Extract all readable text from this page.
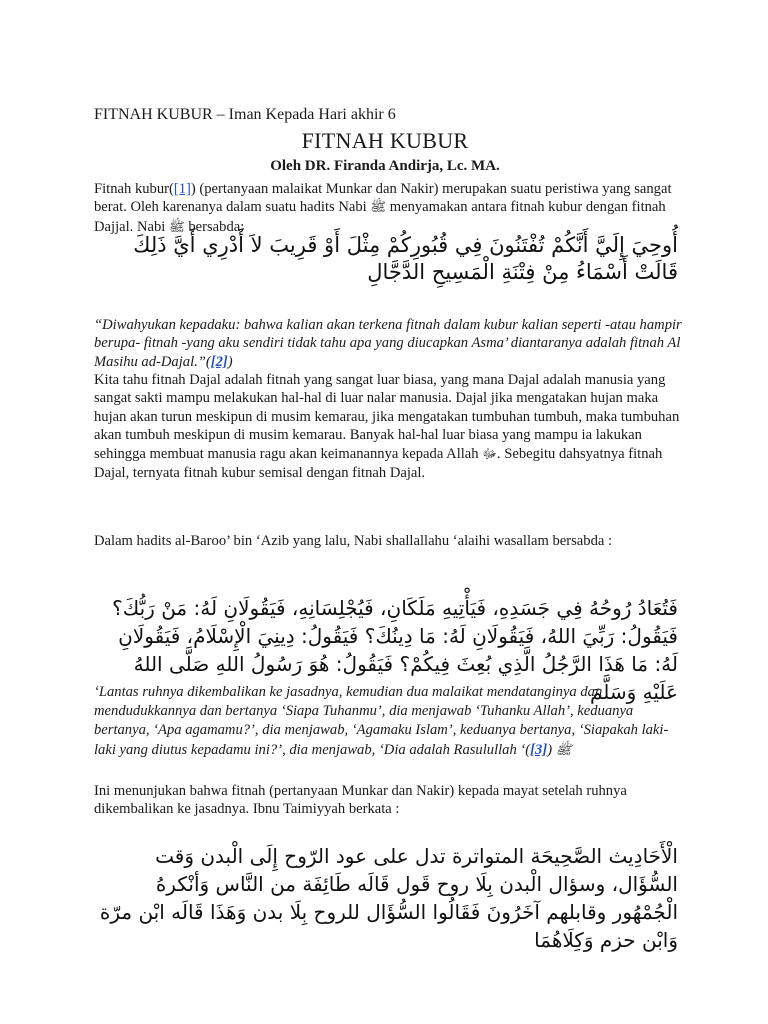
FITNAH KUBUR – Iman Kepada Hari akhir 6
FITNAH KUBUR
Oleh DR. Firanda Andirja, Lc. MA.
Fitnah kubur([1]) (pertanyaan malaikat Munkar dan Nakir) merupakan suatu peristiwa yang sangat berat. Oleh karenanya dalam suatu hadits Nabi ﷺ menyamakan antara fitnah kubur dengan fitnah Dajjal. Nabi ﷺ bersabda:
أُوحِيَ إِلَيَّ أَنَّكُمْ تُفْتَنُونَ فِي قُبُورِكُمْ مِثْلَ أَوْ قَرِيبَ لاَ أَدْرِي أَيَّ ذَلِكَ قَالَتْ أَسْمَاءُ مِنْ فِتْنَةِ الْمَسِيحِ الدَّجَّالِ
“Diwahyukan kepadaku: bahwa kalian akan terkena fitnah dalam kubur kalian seperti -atau hampir berupa- fitnah -yang aku sendiri tidak tahu apa yang diucapkan Asma’ diantaranya adalah fitnah Al Masihu ad-Dajal.”([2])
Kita tahu fitnah Dajal adalah fitnah yang sangat luar biasa, yang mana Dajal adalah manusia yang sangat sakti mampu melakukan hal-hal di luar nalar manusia. Dajal jika mengatakan hujan maka hujan akan turun meskipun di musim kemarau, jika mengatakan tumbuhan tumbuh, maka tumbuhan akan tumbuh meskipun di musim kemarau. Banyak hal-hal luar biasa yang mampu ia lakukan sehingga membuat manusia ragu akan keimanannya kepada Allah ﷻ. Sebegitu dahsyatnya fitnah Dajal, ternyata fitnah kubur semisal dengan fitnah Dajal.
Dalam hadits al-Baroo’ bin ‘Azib yang lalu, Nabi shallallahu ‘alaihi wasallam bersabda :
فَتُعَادُ رُوحُهُ فِي جَسَدِهِ، فَيَأْتِيهِ مَلَكَانِ، فَيُجْلِسَانِهِ، فَيَقُولَانِ لَهُ: مَنْ رَبُّكَ؟ فَيَقُولُ: رَبِّيَ اللهُ، فَيَقُولَانِ لَهُ: مَا دِينُكَ؟ فَيَقُولُ: دِينِيَ الْإِسْلَامُ، فَيَقُولَانِ لَهُ: مَا هَذَا الرَّجُلُ الَّذِي بُعِثَ فِيكُمْ؟ فَيَقُولُ: هُوَ رَسُولُ اللهِ صَلَّى اللهُ عَلَيْهِ وَسَلَّمَ
‘Lantas ruhnya dikembalikan ke jasadnya, kemudian dua malaikat mendatanginya dan mendudukkannya dan bertanya ‘Siapa Tuhanmu’, dia menjawab ‘Tuhanku Allah’, keduanya bertanya, ‘Apa agamamu?’, dia menjawab, ‘Agamaku Islam’, keduanya bertanya, ‘Siapakah laki-laki yang diutus kepadamu ini?’, dia menjawab, ‘Dia adalah Rasulullah ‘([3]) ﷺ
Ini menunjukan bahwa fitnah (pertanyaan Munkar dan Nakir) kepada mayat setelah ruhnya dikembalikan ke jasadnya. Ibnu Taimiyyah berkata :
الْأَحَادِيث الصَّحِيحَة المتواترة تدل على عود الرّوح إِلَى الْبدن وَقت السُّؤَال، وسؤال الْبدن بِلَا روح قَول قَالَه طَائِفَة من النَّاس وَأنْكرهُ الْجُمْهُور وقابلهم آخَرُونَ فَقَالُوا السُّؤَال للروح بِلَا بدن وَهَذَا قَالَه ابْن مرّة وَابْن حزم وَكِلَاهُمَا
